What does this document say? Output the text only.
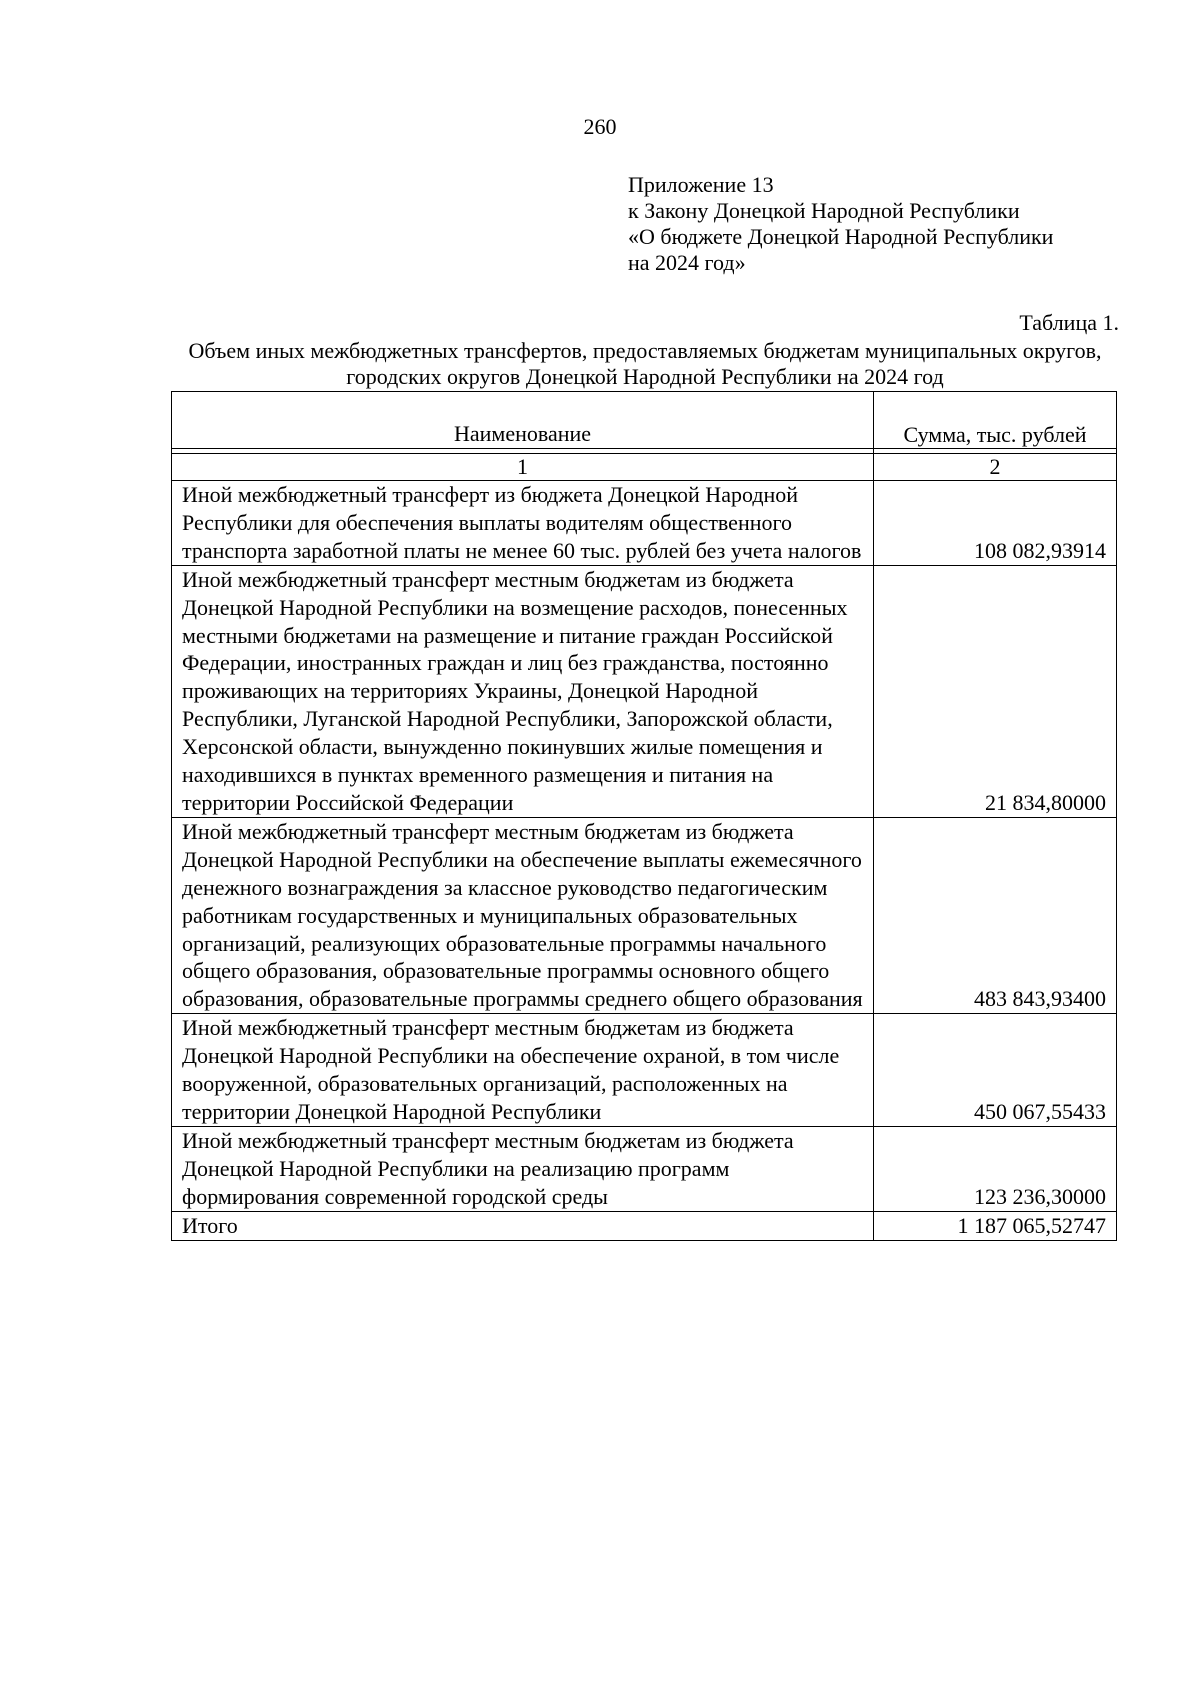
260
Приложение 13
к Закону Донецкой Народной Республики
«О бюджете Донецкой Народной Республики
на 2024 год»
Таблица 1.
Объем иных межбюджетных трансфертов, предоставляемых бюджетам муниципальных округов, городских округов Донецкой Народной Республики на 2024 год
Наименование	Сумма, тыс. рублей

1	2
Иной межбюджетный трансферт из бюджета Донецкой Народной Республики для обеспечения выплаты водителям общественного транспорта заработной платы не менее 60 тыс. рублей без учета налогов	108 082,93914
Иной межбюджетный трансферт местным бюджетам из бюджета Донецкой Народной Республики на возмещение расходов, понесенных местными бюджетами на размещение и питание граждан Российской Федерации, иностранных граждан и лиц без гражданства, постоянно проживающих на территориях Украины, Донецкой Народной Республики, Луганской Народной Республики, Запорожской области, Херсонской области, вынужденно покинувших жилые помещения и находившихся в пунктах временного размещения и питания на территории Российской Федерации	21 834,80000
Иной межбюджетный трансферт местным бюджетам из бюджета Донецкой Народной Республики на обеспечение выплаты ежемесячного денежного вознаграждения за классное руководство педагогическим работникам государственных и муниципальных образовательных организаций, реализующих образовательные программы начального общего образования, образовательные программы основного общего образования, образовательные программы среднего общего образования	483 843,93400
Иной межбюджетный трансферт местным бюджетам из бюджета Донецкой Народной Республики на обеспечение охраной, в том числе вооруженной, образовательных организаций, расположенных на территории Донецкой Народной Республики	450 067,55433
Иной межбюджетный трансферт местным бюджетам из бюджета Донецкой Народной Республики на реализацию программ формирования современной городской среды	123 236,30000
Итого	1 187 065,52747
